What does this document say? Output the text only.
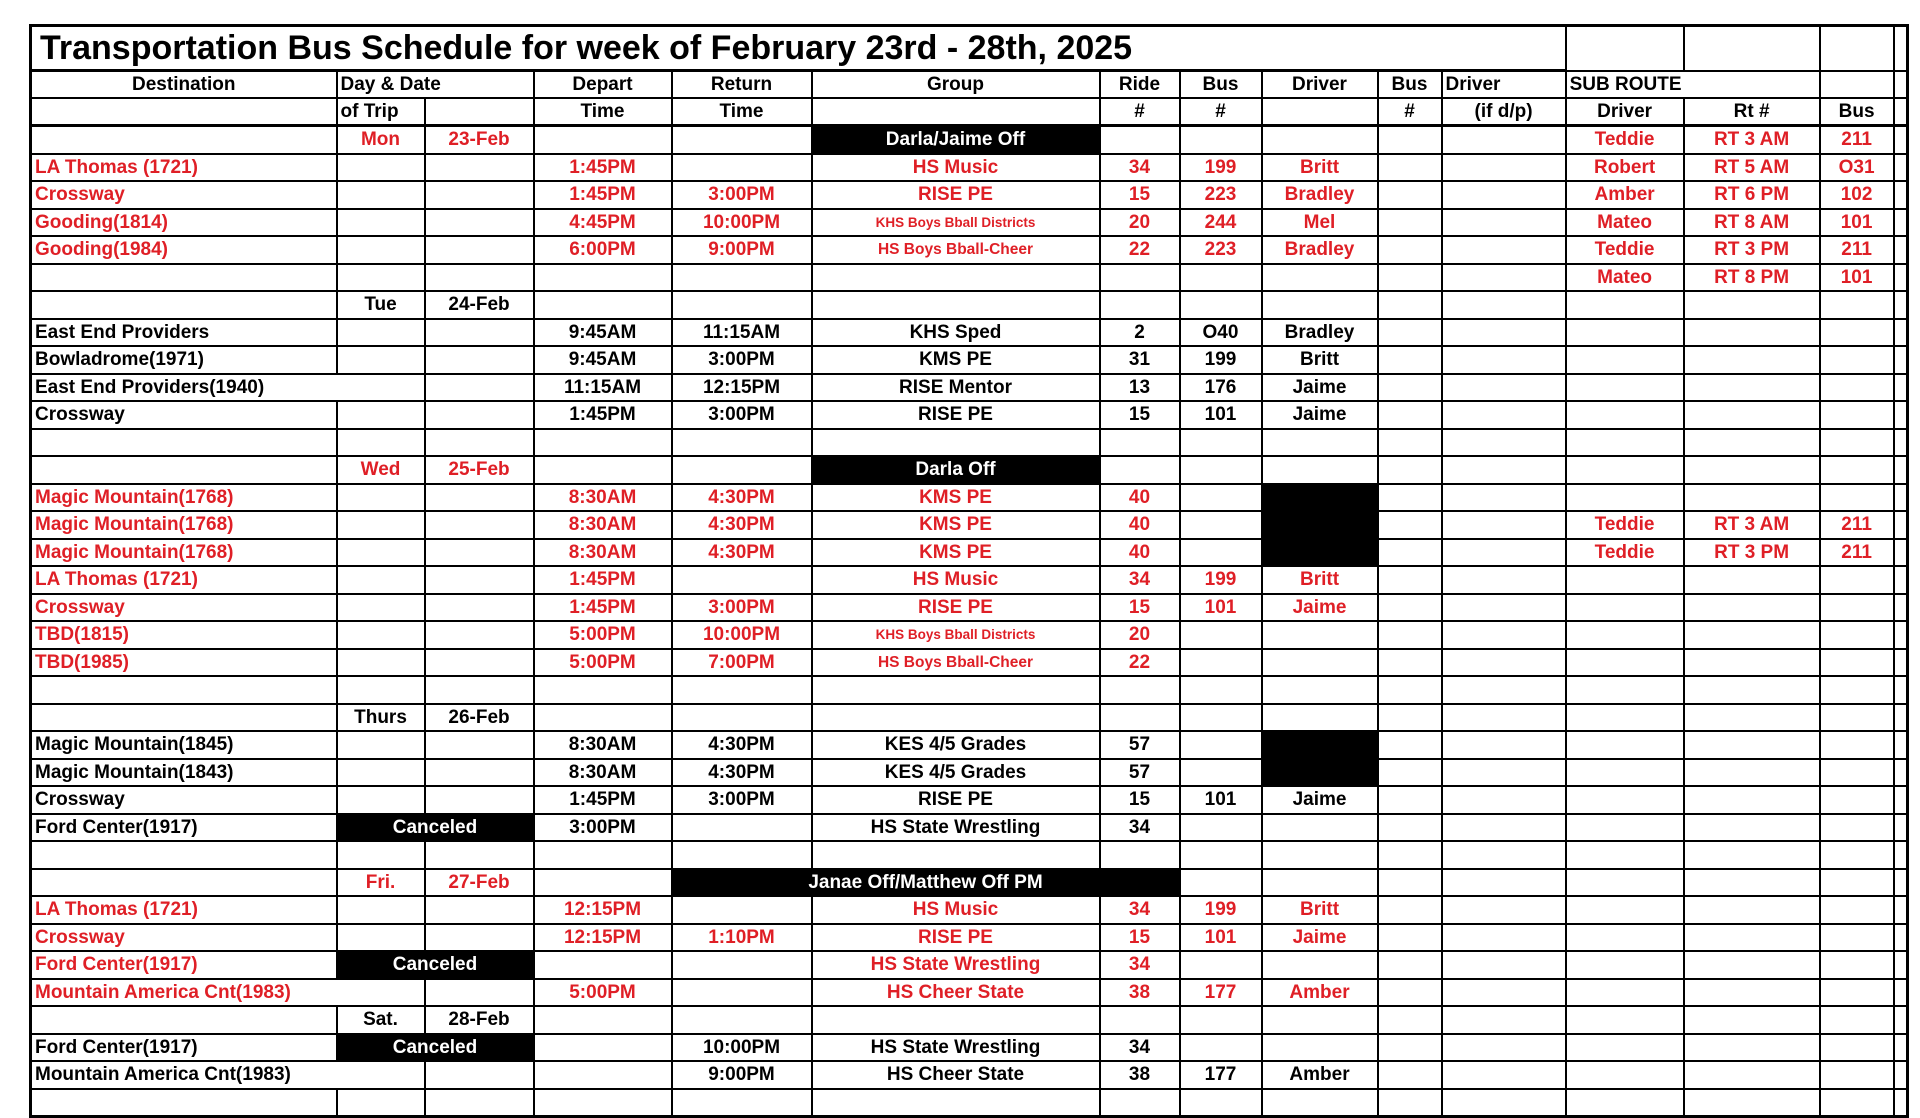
Transportation Bus Schedule for week of February 23rd - 28th, 2025														
Destination	Day & Date		Depart	Return	Group	Ride	Bus	Driver	Bus	Driver	SUB ROUTE			
	of Trip		Time	Time		#	#		#	(if d/p)	Driver	Rt #	Bus	
	Mon	23-Feb			Darla/Jaime Off						Teddie	RT 3 AM	211	
LA Thomas (1721)			1:45PM		HS Music	34	199	Britt			Robert	RT 5 AM	O31	
Crossway			1:45PM	3:00PM	RISE PE	15	223	Bradley			Amber	RT 6 PM	102	
Gooding(1814)			4:45PM	10:00PM	KHS Boys Bball Districts	20	244	Mel			Mateo	RT 8 AM	101	
Gooding(1984)			6:00PM	9:00PM	HS Boys Bball-Cheer	22	223	Bradley			Teddie	RT 3 PM	211	
											Mateo	RT 8 PM	101	
	Tue	24-Feb												
East End Providers			9:45AM	11:15AM	KHS Sped	2	O40	Bradley						
Bowladrome(1971)			9:45AM	3:00PM	KMS PE	31	199	Britt						
East End Providers(1940)			11:15AM	12:15PM	RISE Mentor	13	176	Jaime						
Crossway			1:45PM	3:00PM	RISE PE	15	101	Jaime						

	Wed	25-Feb			Darla Off									
Magic Mountain(1768)			8:30AM	4:30PM	KMS PE	40								
Magic Mountain(1768)			8:30AM	4:30PM	KMS PE	40					Teddie	RT 3 AM	211	
Magic Mountain(1768)			8:30AM	4:30PM	KMS PE	40					Teddie	RT 3 PM	211	
LA Thomas (1721)			1:45PM		HS Music	34	199	Britt						
Crossway			1:45PM	3:00PM	RISE PE	15	101	Jaime						
TBD(1815)			5:00PM	10:00PM	KHS Boys Bball Districts	20								
TBD(1985)			5:00PM	7:00PM	HS Boys Bball-Cheer	22								

	Thurs	26-Feb												
Magic Mountain(1845)			8:30AM	4:30PM	KES 4/5 Grades	57								
Magic Mountain(1843)			8:30AM	4:30PM	KES 4/5 Grades	57								
Crossway			1:45PM	3:00PM	RISE PE	15	101	Jaime						
Ford Center(1917)	Canceled		3:00PM		HS State Wrestling	34								

	Fri.	27-Feb		Janae Off/Matthew Off PM										
LA Thomas (1721)			12:15PM		HS Music	34	199	Britt						
Crossway			12:15PM	1:10PM	RISE PE	15	101	Jaime						
Ford Center(1917)	Canceled				HS State Wrestling	34								
Mountain America Cnt(1983)			5:00PM		HS Cheer State	38	177	Amber						
	Sat.	28-Feb												
Ford Center(1917)	Canceled			10:00PM	HS State Wrestling	34								
Mountain America Cnt(1983)				9:00PM	HS Cheer State	38	177	Amber						
